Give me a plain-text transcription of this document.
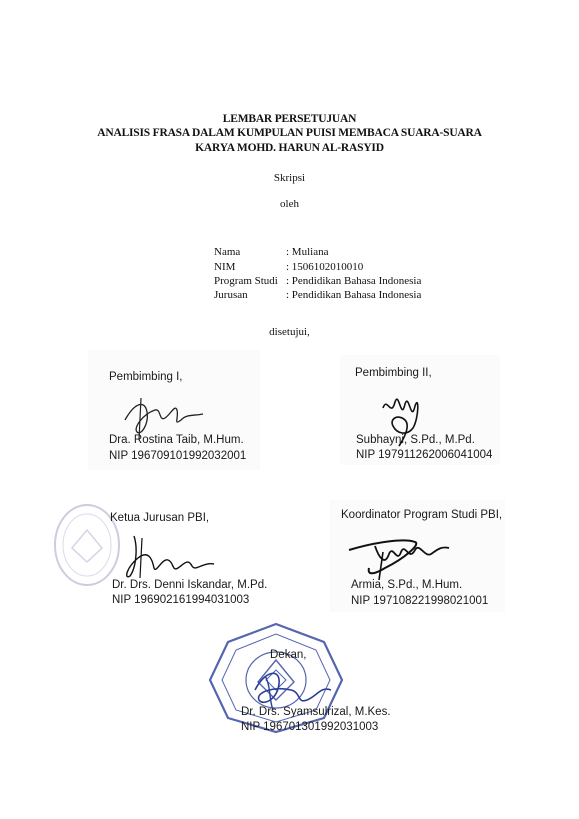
LEMBAR PERSETUJUAN
ANALISIS FRASA DALAM KUMPULAN PUISI MEMBACA SUARA-SUARA
KARYA MOHD. HARUN AL-RASYID
Skripsi
oleh
Nama	: Muliana
NIM	: 1506102010010
Program Studi : Pendidikan Bahasa Indonesia
Jurusan	: Pendidikan Bahasa Indonesia
disetujui,
Pembimbing I,
Dra. Rostina Taib, M.Hum.
NIP 196709101992032001
Pembimbing II,
Subhayni, S.Pd., M.Pd.
NIP 197911262006041004
Ketua Jurusan PBI,
Dr. Drs. Denni Iskandar, M.Pd.
NIP 196902161994031003
Koordinator Program Studi PBI,
Armia, S.Pd., M.Hum.
NIP 197108221998021001
Dekan,
Dr. Drs. Syamsulrizal, M.Kes.
NIP 196701301992031003
